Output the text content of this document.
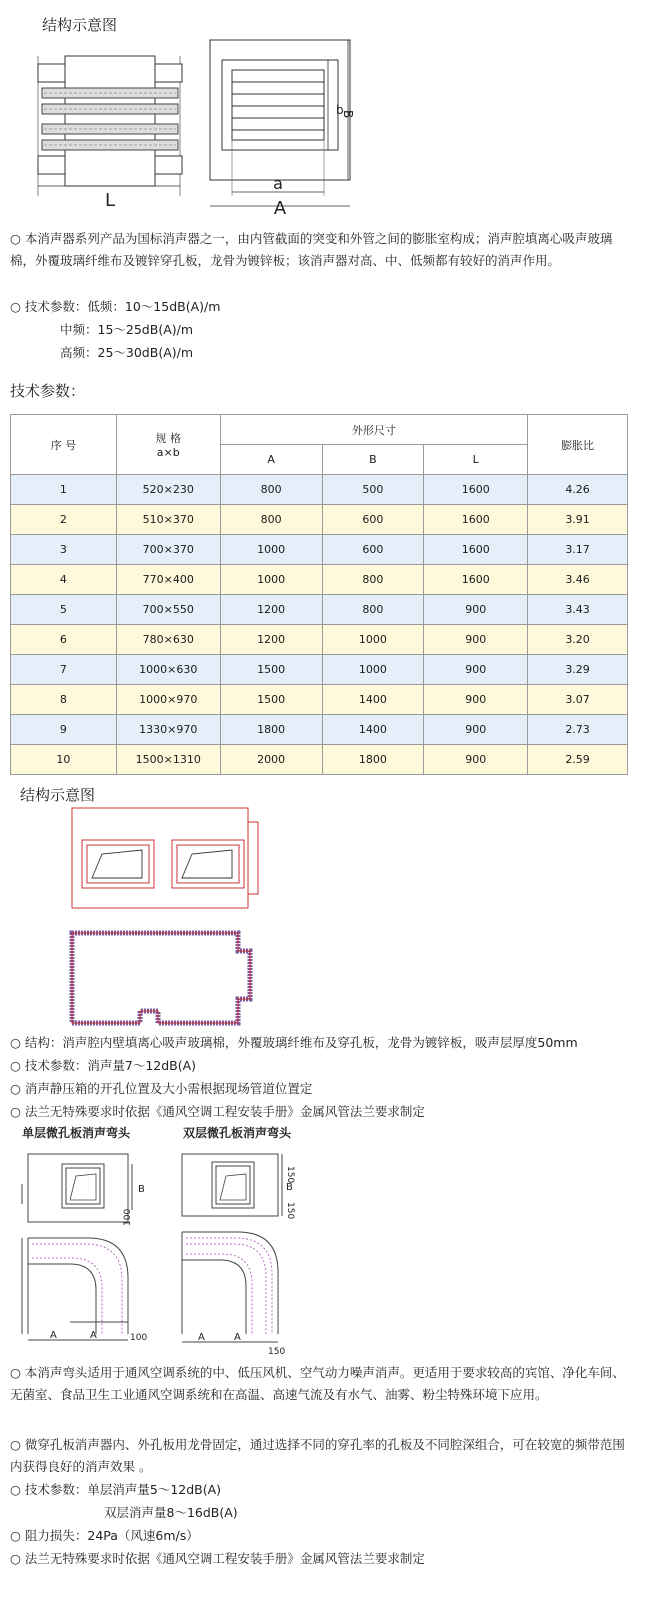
结构示意图
L
b
B
a
A
○ 本消声器系列产品为国标消声器之一，由内管截面的突变和外管之间的膨胀室构成；消声腔填离心吸声玻璃棉，外覆玻璃纤维布及镀锌穿孔板，龙骨为镀锌板；该消声器对高、中、低频都有较好的消声作用。
○ 技术参数：低频：10～15dB(A)/m
中频：15～25dB(A)/m
高频：25～30dB(A)/m
技术参数：
序 号	规 格
a×b	外形尺寸			膨胀比
		A	B	L	
1	520×230	800	500	1600	4.26
2	510×370	800	600	1600	3.91
3	700×370	1000	600	1600	3.17
4	770×400	1000	800	1600	3.46
5	700×550	1200	800	900	3.43
6	780×630	1200	1000	900	3.20
7	1000×630	1500	1000	900	3.29
8	1000×970	1500	1400	900	3.07
9	1330×970	1800	1400	900	2.73
10	1500×1310	2000	1800	900	2.59
结构示意图
○ 结构：消声腔内壁填离心吸声玻璃棉，外覆玻璃纤维布及穿孔板，龙骨为镀锌板，吸声层厚度50mm
○ 技术参数：消声量7～12dB(A)
○ 消声静压箱的开孔位置及大小需根据现场管道位置定
○ 法兰无特殊要求时依据《通风空调工程安装手册》金属风管法兰要求制定
单层微孔板消声弯头	双层微孔板消声弯头
B
100
A	A	100
150
B
150
A	A
150
○ 本消声弯头适用于通风空调系统的中、低压风机、空气动力噪声消声。更适用于要求较高的宾馆、净化车间、无菌室、食品卫生工业通风空调系统和在高温、高速气流及有水气、油雾、粉尘特殊环境下应用。
○ 微穿孔板消声器内、外孔板用龙骨固定，通过选择不同的穿孔率的孔板及不同腔深组合，可在较宽的频带范围内获得良好的消声效果 。
○ 技术参数：单层消声量5～12dB(A)
双层消声量8～16dB(A)
○ 阻力损失：24Pa（风速6m/s）
○ 法兰无特殊要求时依据《通风空调工程安装手册》金属风管法兰要求制定
